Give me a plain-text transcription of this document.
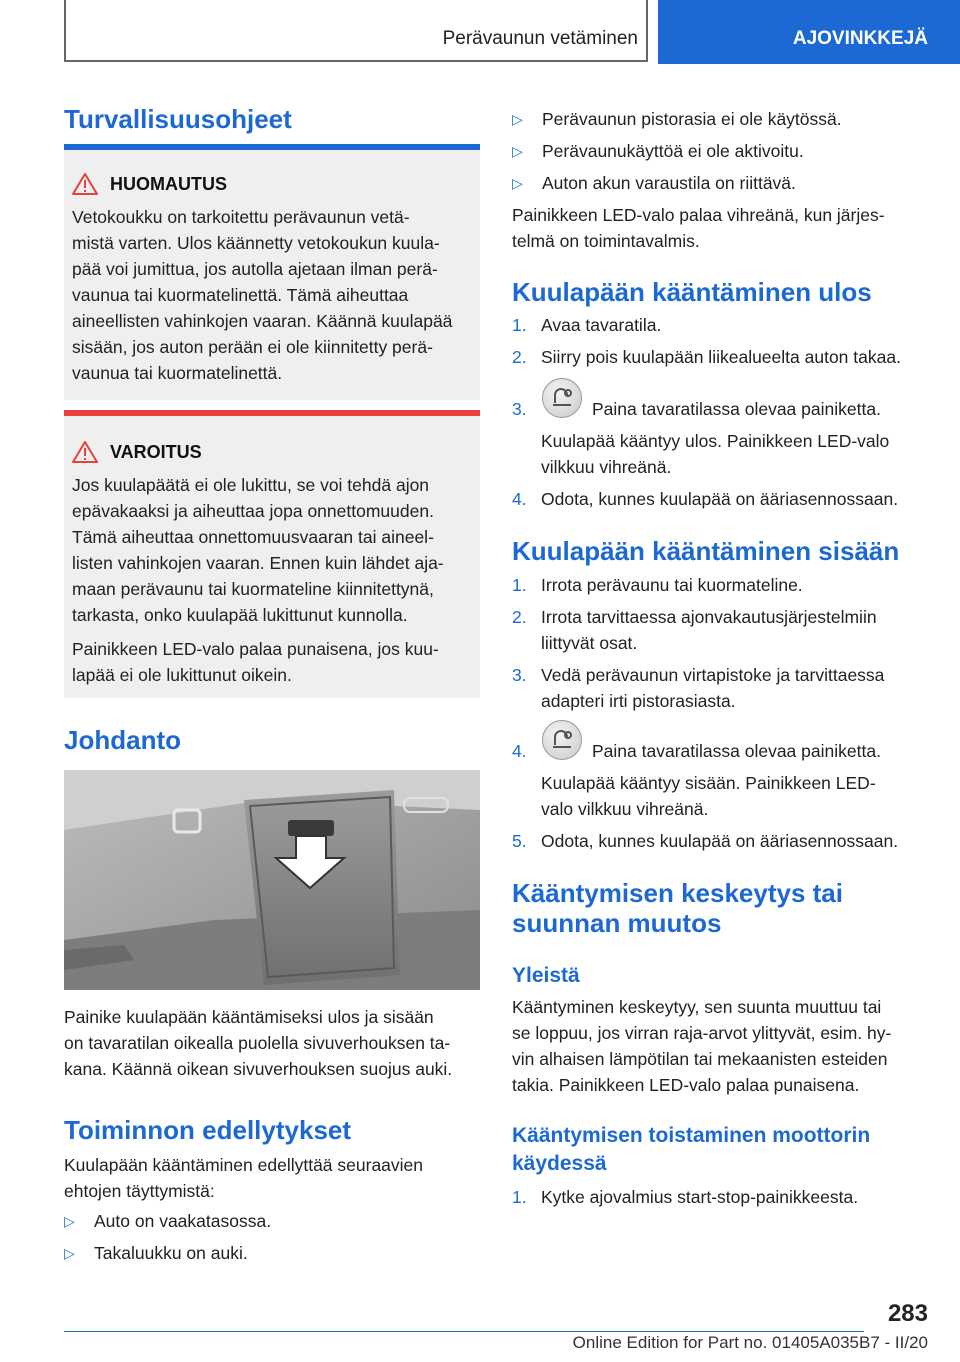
Perävaunun vetäminen	AJOVINKKEJÄ
Turvallisuusohjeet
HUOMAUTUS
Vetokoukku on tarkoitettu perävaunun vetä-
mistä varten. Ulos käännetty vetokoukun kuula-
pää voi jumittua, jos autolla ajetaan ilman perä-
vaunua tai kuormatelinettä. Tämä aiheuttaa
aineellisten vahinkojen vaaran. Käännä kuulapää
sisään, jos auton perään ei ole kiinnitetty perä-
vaunua tai kuormatelinettä.
VAROITUS
Jos kuulapäätä ei ole lukittu, se voi tehdä ajon
epävakaaksi ja aiheuttaa jopa onnettomuuden.
Tämä aiheuttaa onnettomuusvaaran tai aineel-
listen vahinkojen vaaran. Ennen kuin lähdet aja-
maan perävaunu tai kuormateline kiinnitettynä,
tarkasta, onko kuulapää lukittunut kunnolla.
Painikkeen LED-valo palaa punaisena, jos kuu-
lapää ei ole lukittunut oikein.
Johdanto
Painike kuulapään kääntämiseksi ulos ja sisään
on tavaratilan oikealla puolella sivuverhouksen ta-
kana. Käännä oikean sivuverhouksen suojus auki.
Toiminnon edellytykset
Kuulapään kääntäminen edellyttää seuraavien
ehtojen täyttymistä:
▷ Auto on vaakatasossa.
▷ Takaluukku on auki.
▷ Perävaunun pistorasia ei ole käytössä.
▷ Perävaunukäyttöä ei ole aktivoitu.
▷ Auton akun varaustila on riittävä.
Painikkeen LED-valo palaa vihreänä, kun järjes-
telmä on toimintavalmis.
Kuulapään kääntäminen ulos
1. Avaa tavaratila.
2. Siirry pois kuulapään liikealueelta auton takaa.
3.	Paina tavaratilassa olevaa painiketta.
Kuulapää kääntyy ulos. Painikkeen LED-valo
vilkkuu vihreänä.
4. Odota, kunnes kuulapää on ääriasennossaan.
Kuulapään kääntäminen sisään
1. Irrota perävaunu tai kuormateline.
2. Irrota tarvittaessa ajonvakautusjärjestelmiin
liittyvät osat.
3. Vedä perävaunun virtapistoke ja tarvittaessa
adapteri irti pistorasiasta.
4.	Paina tavaratilassa olevaa painiketta.
Kuulapää kääntyy sisään. Painikkeen LED-
valo vilkkuu vihreänä.
5. Odota, kunnes kuulapää on ääriasennossaan.
Kääntymisen keskeytys tai
suunnan muutos
Yleistä
Kääntyminen keskeytyy, sen suunta muuttuu tai
se loppuu, jos virran raja-arvot ylittyvät, esim. hy-
vin alhaisen lämpötilan tai mekaanisten esteiden
takia. Painikkeen LED-valo palaa punaisena.
Kääntymisen toistaminen moottorin
käydessä
1. Kytke ajovalmius start-stop-painikkeesta.
283
Online Edition for Part no. 01405A035B7 - II/20
